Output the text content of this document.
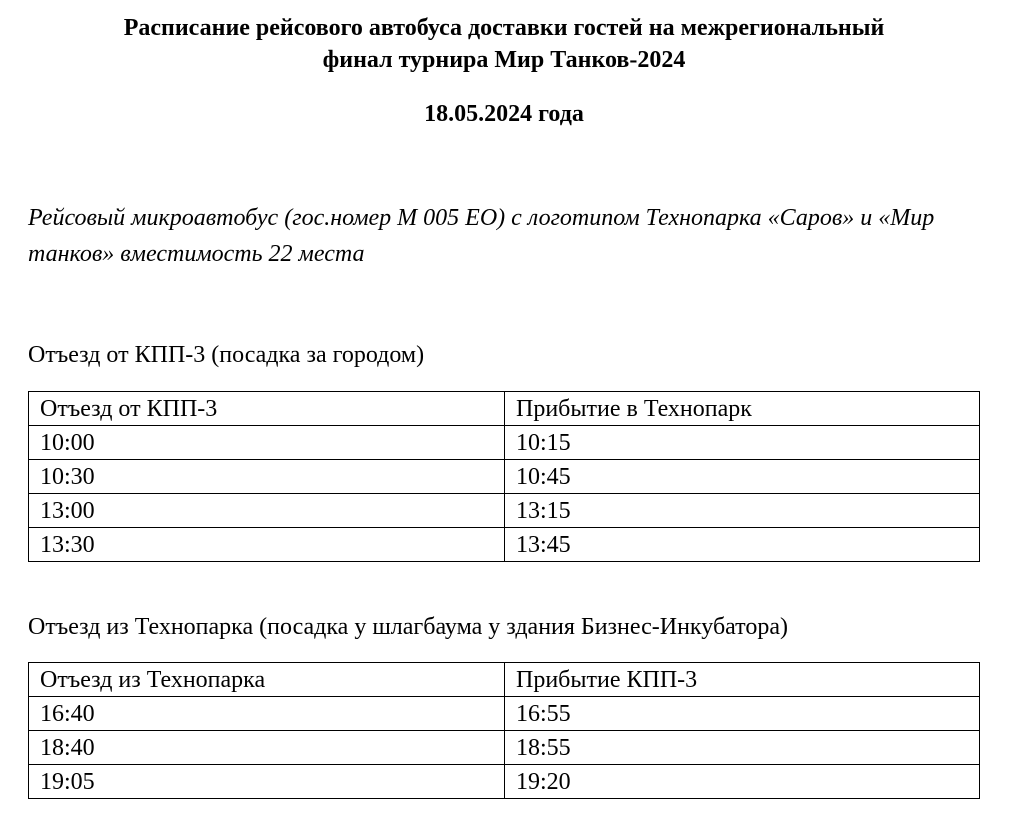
Расписание рейсового автобуса доставки гостей на межрегиональный
финал турнира Мир Танков-2024
18.05.2024 года

Рейсовый микроавтобус (гос.номер М 005 ЕО) с логотипом Технопарка «Саров» и «Мир танков» вместимость 22 места

Отъезд от КПП-3 (посадка за городом)

Отъезд от КПП-3	Прибытие в Технопарк
10:00	10:15
10:30	10:45
13:00	13:15
13:30	13:45

Отъезд из Технопарка (посадка у шлагбаума у здания Бизнес-Инкубатора)

Отъезд из Технопарка	Прибытие КПП-3
16:40	16:55
18:40	18:55
19:05	19:20
